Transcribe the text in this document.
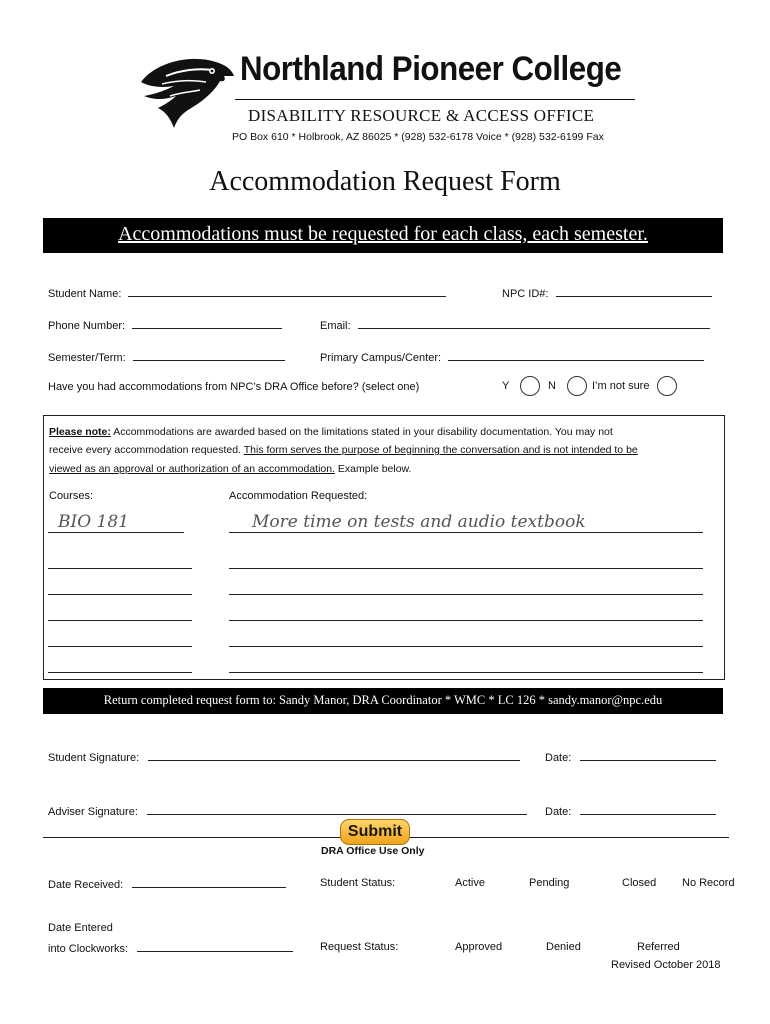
Northland Pioneer College
DISABILITY RESOURCE & ACCESS OFFICE
PO Box 610 * Holbrook, AZ 86025 * (928) 532-6178 Voice * (928) 532-6199 Fax
Accommodation Request Form
Accommodations must be requested for each class, each semester.
Student Name:	NPC ID#:
Phone Number:	Email:
Semester/Term:	Primary Campus/Center:
Have you had accommodations from NPC’s DRA Office before? (select one)	Y	N	I’m not sure
Please note: Accommodations are awarded based on the limitations stated in your disability documentation. You may not
receive every accommodation requested. This form serves the purpose of beginning the conversation and is not intended to be
viewed as an approval or authorization of an accommodation. Example below.
Courses:	Accommodation Requested:
BIO 181	More time on tests and audio textbook
Return completed request form to: Sandy Manor, DRA Coordinator * WMC * LC 126 * sandy.manor@npc.edu
Student Signature:	Date:
Adviser Signature:	Date:
Submit
DRA Office Use Only
Date Received:	Student Status:	Active	Pending	Closed No Record
Date Entered
into Clockworks:	Request Status:	Approved	Denied	Referred
Revised October 2018
